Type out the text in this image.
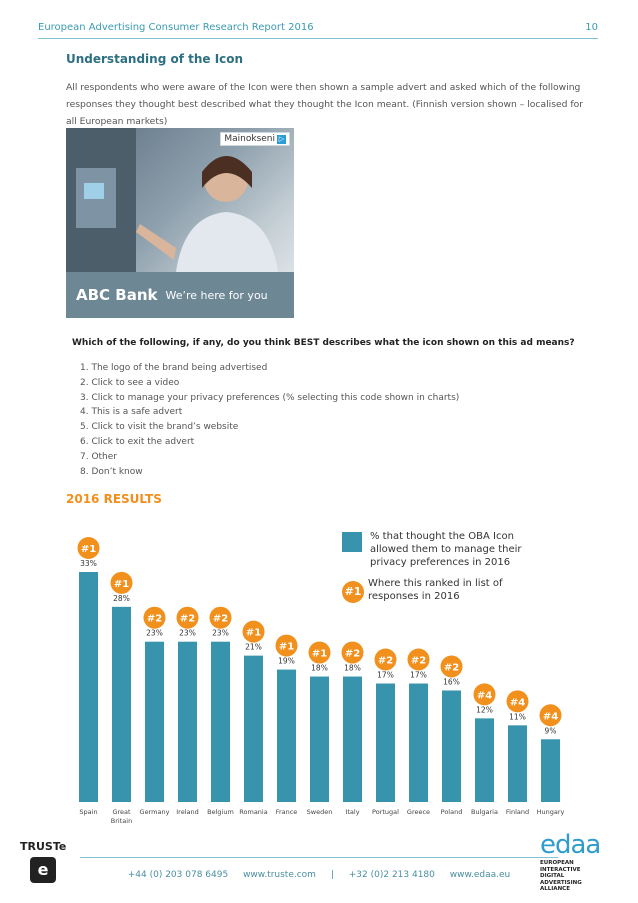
European Advertising Consumer Research Report 2016	10
Understanding of the Icon
All respondents who were aware of the Icon were then shown a sample advert and asked which of the following responses they thought best described what they thought the Icon meant. (Finnish version shown – localised for all European markets)
Mainokseni ▷
ABC Bank We’re here for you
Which of the following, if any, do you think BEST describes what the icon shown on this ad means?
1. The logo of the brand being advertised
2. Click to see a video
3. Click to manage your privacy preferences (% selecting this code shown in charts)
4. This is a safe advert
5. Click to visit the brand’s website
6. Click to exit the advert
7. Other
8. Don’t know
2016 RESULTS
% that thought the OBA Icon allowed them to manage their privacy preferences in 2016
#1
Where this ranked in list of responses in 2016
33%
#1
Spain
28%
#1
Great
Britain
23%
#2
Germany
23%
#2
Ireland
23%
#2
Belgium
21%
#1
Romania
19%
#1
France
18%
#1
Sweden
18%
#2
Italy
17%
#2
Portugal
17%
#2
Greece
16%
#2
Poland
12%
#4
Bulgaria
11%
#4
Finland
9%
#4
Hungary
+44 (0) 203 078 6495 www.truste.com | +32 (0)2 213 4180 www.edaa.eu
TRUSTe
e
edaa
EUROPEAN INTERACTIVE DIGITAL ADVERTISING ALLIANCE
